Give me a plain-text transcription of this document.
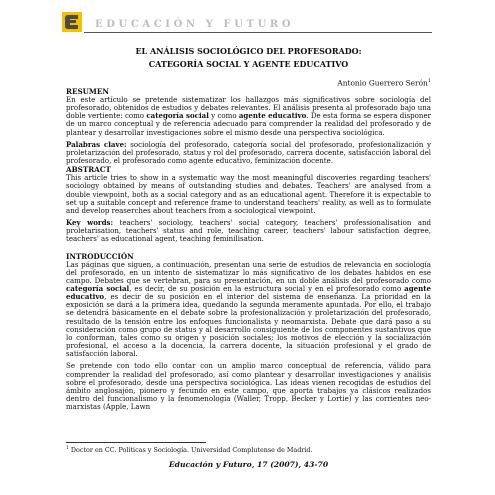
EDUCACIÓN Y FUTURO
EL ANÁLISIS SOCIOLÓGICO DEL PROFESORADO:
CATEGORÍA SOCIAL Y AGENTE EDUCATIVO
Antonio Guerrero Serón$^1$
RESUMEN

En este artículo se pretende sistematizar los hallazgos más significativos sobre sociología del profesorado, obtenidos de estudios y debates relevantes. El análisis presenta al profesorado bajo una doble vertiente: como categoría social y como agente educativo. De esta forma se espera disponer de un marco conceptual y de referencia adecuado para comprender la realidad del profesorado y de plantear y desarrollar investigaciones sobre el mismo desde una perspectiva sociológica.

Palabras clave: sociología del profesorado, categoría social del profesorado, profesionalización y proletarización del profesorado, status y rol del profesorado, carrera docente, satisfacción laboral del profesorado, el profesorado como agente educativo, feminización docente.

ABSTRACT

This article tries to show in a systematic way the most meaningful discoveries regarding teachers' sociology obtained by means of outstanding studies and debates. Teachers' are analysed from a double viewpoint, both as a social category and as an educational agent. Therefore it is expectable to set up a suitable concept and reference frame to understand teachers' reality, as well as to formulate and develop reaserches about teachers from a sociological viewpoint.

Key words: teachers' sociology, teachers' social category, teachers' professionalisation and proletarisation, teachers' status and role, teaching career, teachers' labour satisfaction degree, teachers' as educational agent, teaching feminilisation.

INTRODUCCIÓN

Las páginas que siguen, a continuación, presentan una serie de estudios de relevancia en sociología del profesorado, en un intento de sistematizar lo más significativo de los debates habidos en ese campo. Debates que se vertebran, para su presentación, en un doble análisis del profesorado como categoría social, es decir, de su posición en la estructura social y en el profesorado como agente educativo, es decir de su posición en el interior del sistema de enseñanza. La prioridad en la exposición se dará a la primera idea, quedando la segunda meramente apuntada. Por ello, el trabajo se detendrá básicamente en el debate sobre la profesionalización y proletarización del profesorado, resultado de la tensión entre los enfoques funcionalista y neomarxista. Debate que dará paso a su consideración como grupo de status y al desarrollo consiguiente de los componentes sustantivos que lo conforman, tales como su origen y posición sociales; los motivos de elección y la socialización profesional, el acceso a la docencia, la carrera docente, la situación profesional y el grado de satisfacción laboral.

Se pretende con todo ello contar con un amplio marco conceptual de referencia, válido para comprender la realidad del profesorado, así como plantear y desarrollar investigaciones y análisis sobre el profesorado, desde una perspectiva sociológica. Las ideas vienen recogidas de estudios del ámbito anglosajón, pionero y fecundo en este campo, que aporta trabajos ya clásicos realizados dentro del funcionalismo y la fenomenología (Waller, Tropp, Becker y Lortie) y las corrientes neo-marxistas (Apple, Lawn

$^1$ Doctor en CC. Políticas y Sociología. Universidad Complutense de Madrid.
Educación y Futuro, 17 (2007), 43-70
